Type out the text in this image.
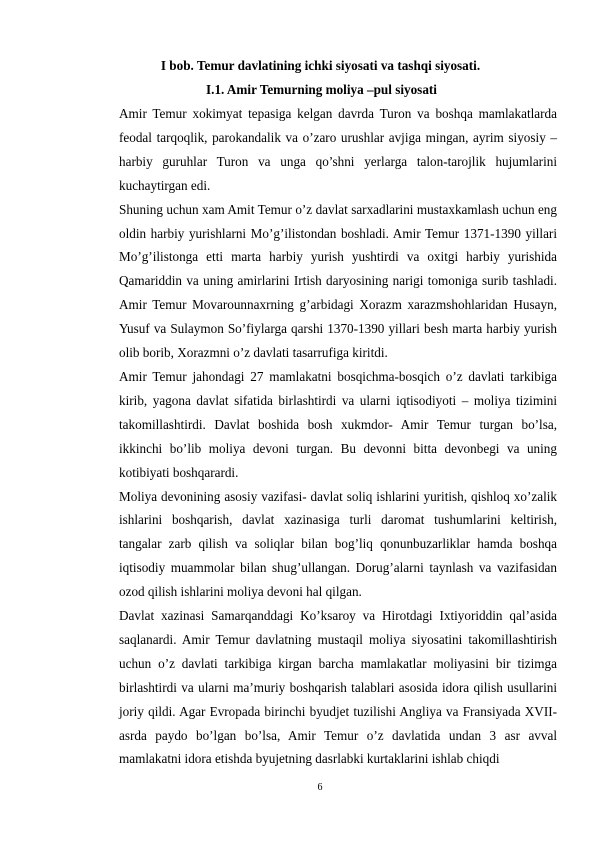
I bob. Temur davlatining ichki siyosati va tashqi siyosati.
I.1. Amir Temurning moliya –pul siyosati

Amir Temur xokimyat tepasiga kelgan davrda Turon va boshqa mamlakatlarda feodal tarqoqlik, parokandalik va o’zaro urushlar avjiga mingan, ayrim siyosiy –harbiy guruhlar Turon va unga qo’shni yerlarga talon-tarojlik hujumlarini kuchaytirgan edi.

Shuning uchun xam Amit Temur o’z davlat sarxadlarini mustaxkamlash uchun eng oldin harbiy yurishlarni Mo’g’ilistondan boshladi. Amir Temur 1371-1390 yillari Mo’g’ilistonga etti marta harbiy yurish yushtirdi va oxitgi harbiy yurishida Qamariddin va uning amirlarini Irtish daryosining narigi tomoniga surib tashladi. Amir Temur Movarounnaxrning g’arbidagi Xorazm xarazmshohlaridan Husayn, Yusuf va Sulaymon So’fiylarga qarshi 1370-1390 yillari besh marta harbiy yurish olib borib, Xorazmni o’z davlati tasarrufiga kiritdi.

Amir Temur jahondagi 27 mamlakatni bosqichma-bosqich o’z davlati tarkibiga kirib, yagona davlat sifatida birlashtirdi va ularni iqtisodiyoti – moliya tizimini takomillashtirdi. Davlat boshida bosh xukmdor- Amir Temur turgan bo’lsa, ikkinchi bo’lib moliya devoni turgan. Bu devonni bitta devonbegi va uning kotibiyati boshqarardi.

Moliya devonining asosiy vazifasi- davlat soliq ishlarini yuritish, qishloq xo’zalik ishlarini boshqarish, davlat xazinasiga turli daromat tushumlarini keltirish, tangalar zarb qilish va soliqlar bilan bog’liq qonunbuzarliklar hamda boshqa iqtisodiy muammolar bilan shug’ullangan. Dorug’alarni taynlash va vazifasidan ozod qilish ishlarini moliya devoni hal qilgan.

Davlat xazinasi Samarqanddagi Ko’ksaroy va Hirotdagi Ixtiyoriddin qal’asida saqlanardi. Amir Temur davlatning mustaqil moliya siyosatini takomillashtirish uchun o’z davlati tarkibiga kirgan barcha mamlakatlar moliyasini bir tizimga birlashtirdi va ularni ma’muriy boshqarish talablari asosida idora qilish usullarini joriy qildi. Agar Evropada birinchi byudjet tuzilishi Angliya va Fransiyada XVII-asrda paydo bo’lgan bo’lsa, Amir Temur o’z davlatida undan 3 asr avval mamlakatni idora etishda byujetning dasrlabki kurtaklarini ishlab chiqdi

6
